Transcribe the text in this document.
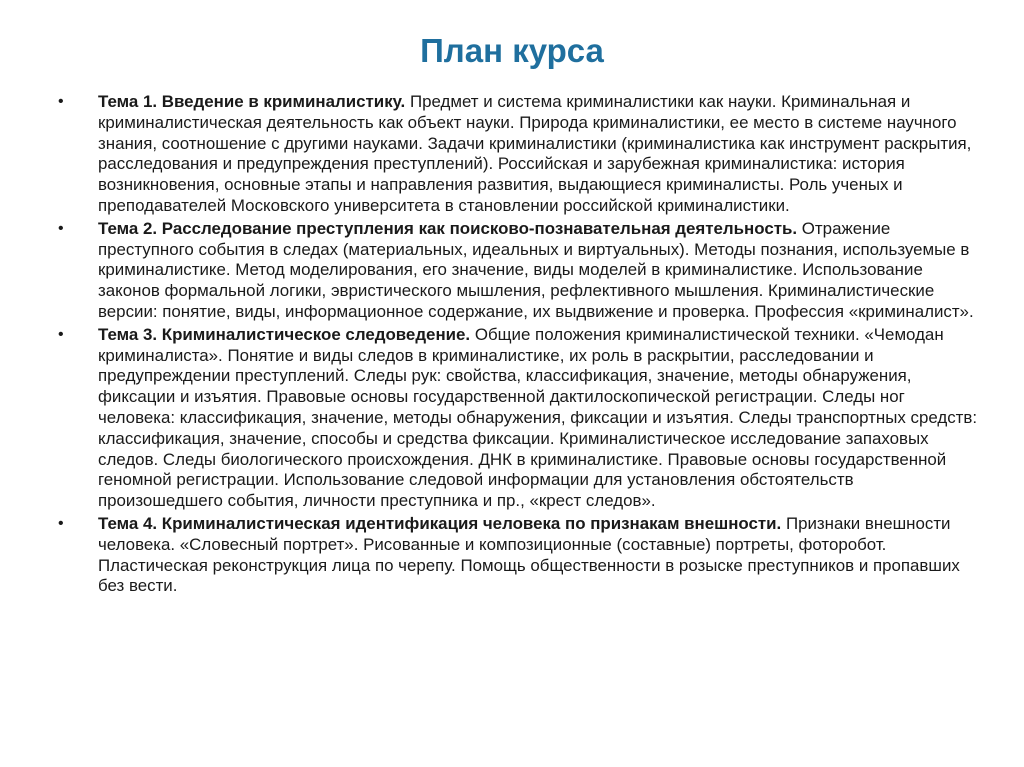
План курса
•	Тема 1. Введение в криминалистику. Предмет и система криминалистики как науки. Криминальная и криминалистическая деятельность как объект науки. Природа криминалистики, ее место в системе научного знания, соотношение с другими науками. Задачи криминалистики (криминалистика как инструмент раскрытия, расследования и предупреждения преступлений). Российская и зарубежная криминалистика: история возникновения, основные этапы и направления развития, выдающиеся криминалисты. Роль ученых и преподавателей Московского университета в становлении российской криминалистики.
•	Тема 2. Расследование преступления как поисково-познавательная деятельность. Отражение преступного события в следах (материальных, идеальных и виртуальных). Методы познания, используемые в криминалистике. Метод моделирования, его значение, виды моделей в криминалистике. Использование законов формальной логики, эвристического мышления, рефлективного мышления. Криминалистические версии: понятие, виды, информационное содержание, их выдвижение и проверка. Профессия «криминалист».
•	Тема 3. Криминалистическое следоведение. Общие положения криминалистической техники. «Чемодан криминалиста». Понятие и виды следов в криминалистике, их роль в раскрытии, расследовании и предупреждении преступлений. Следы рук: свойства, классификация, значение, методы обнаружения, фиксации и изъятия. Правовые основы государственной дактилоскопической регистрации. Следы ног человека: классификация, значение, методы обнаружения, фиксации и изъятия. Следы транспортных средств: классификация, значение, способы и средства фиксации. Криминалистическое исследование запаховых следов. Следы биологического происхождения. ДНК в криминалистике. Правовые основы государственной геномной регистрации. Использование следовой информации для установления обстоятельств произошедшего события, личности преступника и пр., «крест следов».
•	Тема 4. Криминалистическая идентификация человека по признакам внешности. Признаки внешности человека. «Словесный портрет». Рисованные и композиционные (составные) портреты, фоторобот. Пластическая реконструкция лица по черепу. Помощь общественности в розыске преступников и пропавших без вести.
